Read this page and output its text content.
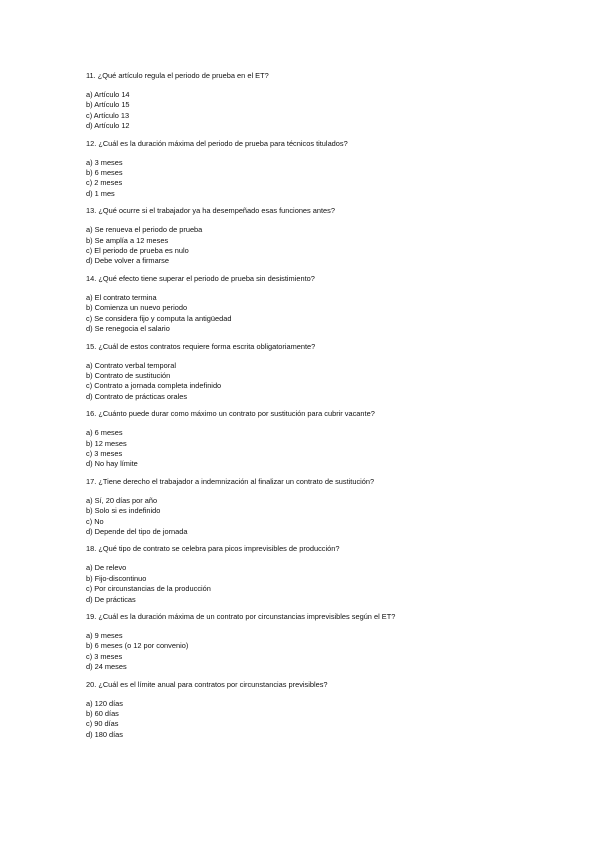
11. ¿Qué artículo regula el periodo de prueba en el ET?
a) Artículo 14
b) Artículo 15
c) Artículo 13
d) Artículo 12
12. ¿Cuál es la duración máxima del periodo de prueba para técnicos titulados?
a) 3 meses
b) 6 meses
c) 2 meses
d) 1 mes
13. ¿Qué ocurre si el trabajador ya ha desempeñado esas funciones antes?
a) Se renueva el periodo de prueba
b) Se amplía a 12 meses
c) El periodo de prueba es nulo
d) Debe volver a firmarse
14. ¿Qué efecto tiene superar el periodo de prueba sin desistimiento?
a) El contrato termina
b) Comienza un nuevo periodo
c) Se considera fijo y computa la antigüedad
d) Se renegocia el salario
15. ¿Cuál de estos contratos requiere forma escrita obligatoriamente?
a) Contrato verbal temporal
b) Contrato de sustitución
c) Contrato a jornada completa indefinido
d) Contrato de prácticas orales
16. ¿Cuánto puede durar como máximo un contrato por sustitución para cubrir vacante?
a) 6 meses
b) 12 meses
c) 3 meses
d) No hay límite
17. ¿Tiene derecho el trabajador a indemnización al finalizar un contrato de sustitución?
a) Sí, 20 días por año
b) Solo si es indefinido
c) No
d) Depende del tipo de jornada
18. ¿Qué tipo de contrato se celebra para picos imprevisibles de producción?
a) De relevo
b) Fijo-discontinuo
c) Por circunstancias de la producción
d) De prácticas
19. ¿Cuál es la duración máxima de un contrato por circunstancias imprevisibles según el ET?
a) 9 meses
b) 6 meses (o 12 por convenio)
c) 3 meses
d) 24 meses
20. ¿Cuál es el límite anual para contratos por circunstancias previsibles?
a) 120 días
b) 60 días
c) 90 días
d) 180 días
